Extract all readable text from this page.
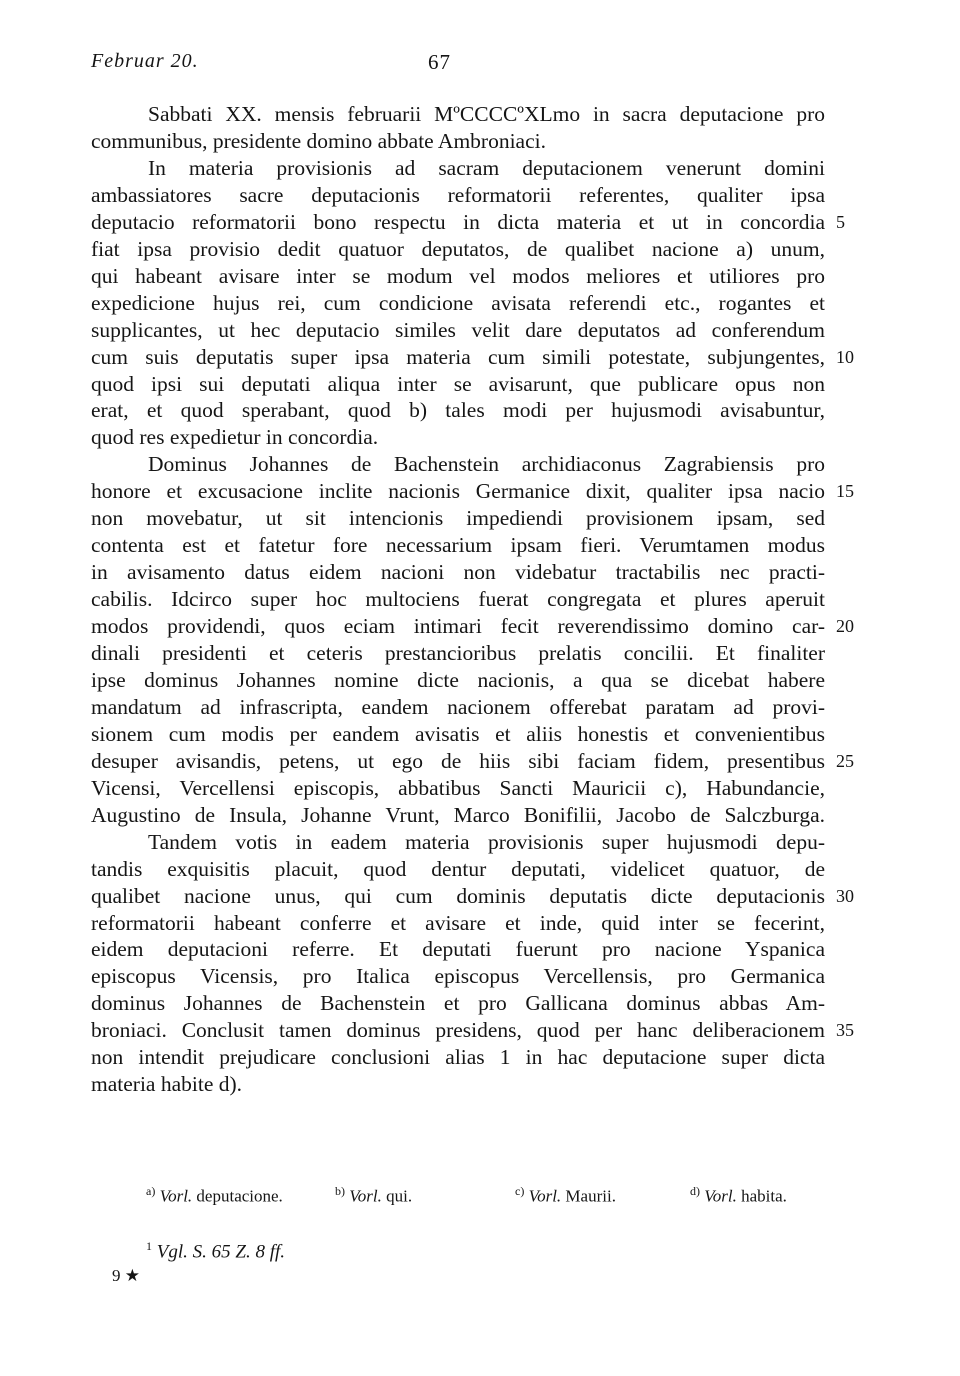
Februar 20.	67
Sabbati XX. mensis februarii MºCCCCºXLmo in sacra deputacione pro
communibus, presidente domino abbate Ambroniaci.
In materia provisionis ad sacram deputacionem venerunt domini
ambassiatores sacre deputacionis reformatorii referentes, qualiter ipsa
deputacio reformatorii bono respectu in dicta materia et ut in concordia
fiat ipsa provisio dedit quatuor deputatos, de qualibet nacione a) unum,
qui habeant avisare inter se modum vel modos meliores et utiliores pro
expedicione hujus rei, cum condicione avisata referendi etc., rogantes et
supplicantes, ut hec deputacio similes velit dare deputatos ad conferendum
cum suis deputatis super ipsa materia cum simili potestate, subjungentes,
quod ipsi sui deputati aliqua inter se avisarunt, que publicare opus non
erat, et quod sperabant, quod b) tales modi per hujusmodi avisabuntur,
quod res expedietur in concordia.
Dominus Johannes de Bachenstein archidiaconus Zagrabiensis pro
honore et excusacione inclite nacionis Germanice dixit, qualiter ipsa nacio
non movebatur, ut sit intencionis impediendi provisionem ipsam, sed
contenta est et fatetur fore necessarium ipsam fieri. Verumtamen modus
in avisamento datus eidem nacioni non videbatur tractabilis nec practi-
cabilis. Idcirco super hoc multociens fuerat congregata et plures aperuit
modos providendi, quos eciam intimari fecit reverendissimo domino car-
dinali presidenti et ceteris prestancioribus prelatis concilii. Et finaliter
ipse dominus Johannes nomine dicte nacionis, a qua se dicebat habere
mandatum ad infrascripta, eandem nacionem offerebat paratam ad provi-
sionem cum modis per eandem avisatis et aliis honestis et convenientibus
desuper avisandis, petens, ut ego de hiis sibi faciam fidem, presentibus
Vicensi, Vercellensi episcopis, abbatibus Sancti Mauricii c), Habundancie,
Augustino de Insula, Johanne Vrunt, Marco Bonifilii, Jacobo de Salczburga.
Tandem votis in eadem materia provisionis super hujusmodi depu-
tandis exquisitis placuit, quod dentur deputati, videlicet quatuor, de
qualibet nacione unus, qui cum dominis deputatis dicte deputacionis
reformatorii habeant conferre et avisare et inde, quid inter se fecerint,
eidem deputacioni referre. Et deputati fuerunt pro nacione Yspanica
episcopus Vicensis, pro Italica episcopus Vercellensis, pro Germanica
dominus Johannes de Bachenstein et pro Gallicana dominus abbas Am-
broniaci. Conclusit tamen dominus presidens, quod per hanc deliberacionem
non intendit prejudicare conclusioni alias 1 in hac deputacione super dicta
materia habite d).
5
10
15
20
25
30
35
$^{a)}$ Vorl. deputacione.	$^{b)}$ Vorl. qui.	$^{c)}$ Vorl. Maurii.	$^{d)}$ Vorl. habita.
$^1$ Vgl. S. 65 Z. 8 ff.
9 ★
